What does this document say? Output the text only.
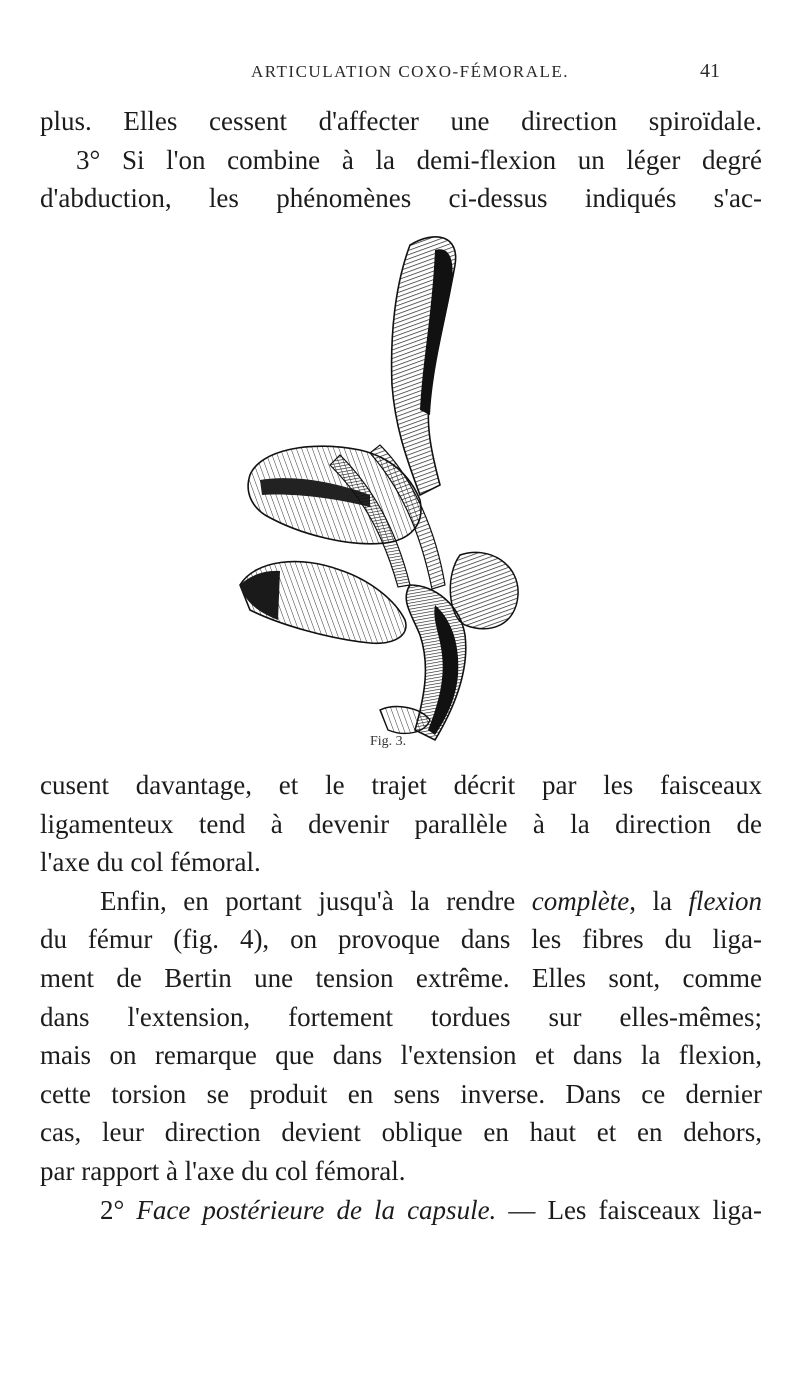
ARTICULATION COXO-FÉMORALE.	41
plus. Elles cessent d'affecter une direction spiroïdale.
3° Si l'on combine à la demi-flexion un léger degré
d'abduction, les phénomènes ci-dessus indiqués s'ac-
Fig. 3.
cusent davantage, et le trajet décrit par les faisceaux
ligamenteux tend à devenir parallèle à la direction de
l'axe du col fémoral.
Enfin, en portant jusqu'à la rendre complète, la flexion
du fémur (fig. 4), on provoque dans les fibres du liga-
ment de Bertin une tension extrême. Elles sont, comme
dans l'extension, fortement tordues sur elles-mêmes;
mais on remarque que dans l'extension et dans la flexion,
cette torsion se produit en sens inverse. Dans ce dernier
cas, leur direction devient oblique en haut et en dehors,
par rapport à l'axe du col fémoral.
2° Face postérieure de la capsule. — Les faisceaux liga-
